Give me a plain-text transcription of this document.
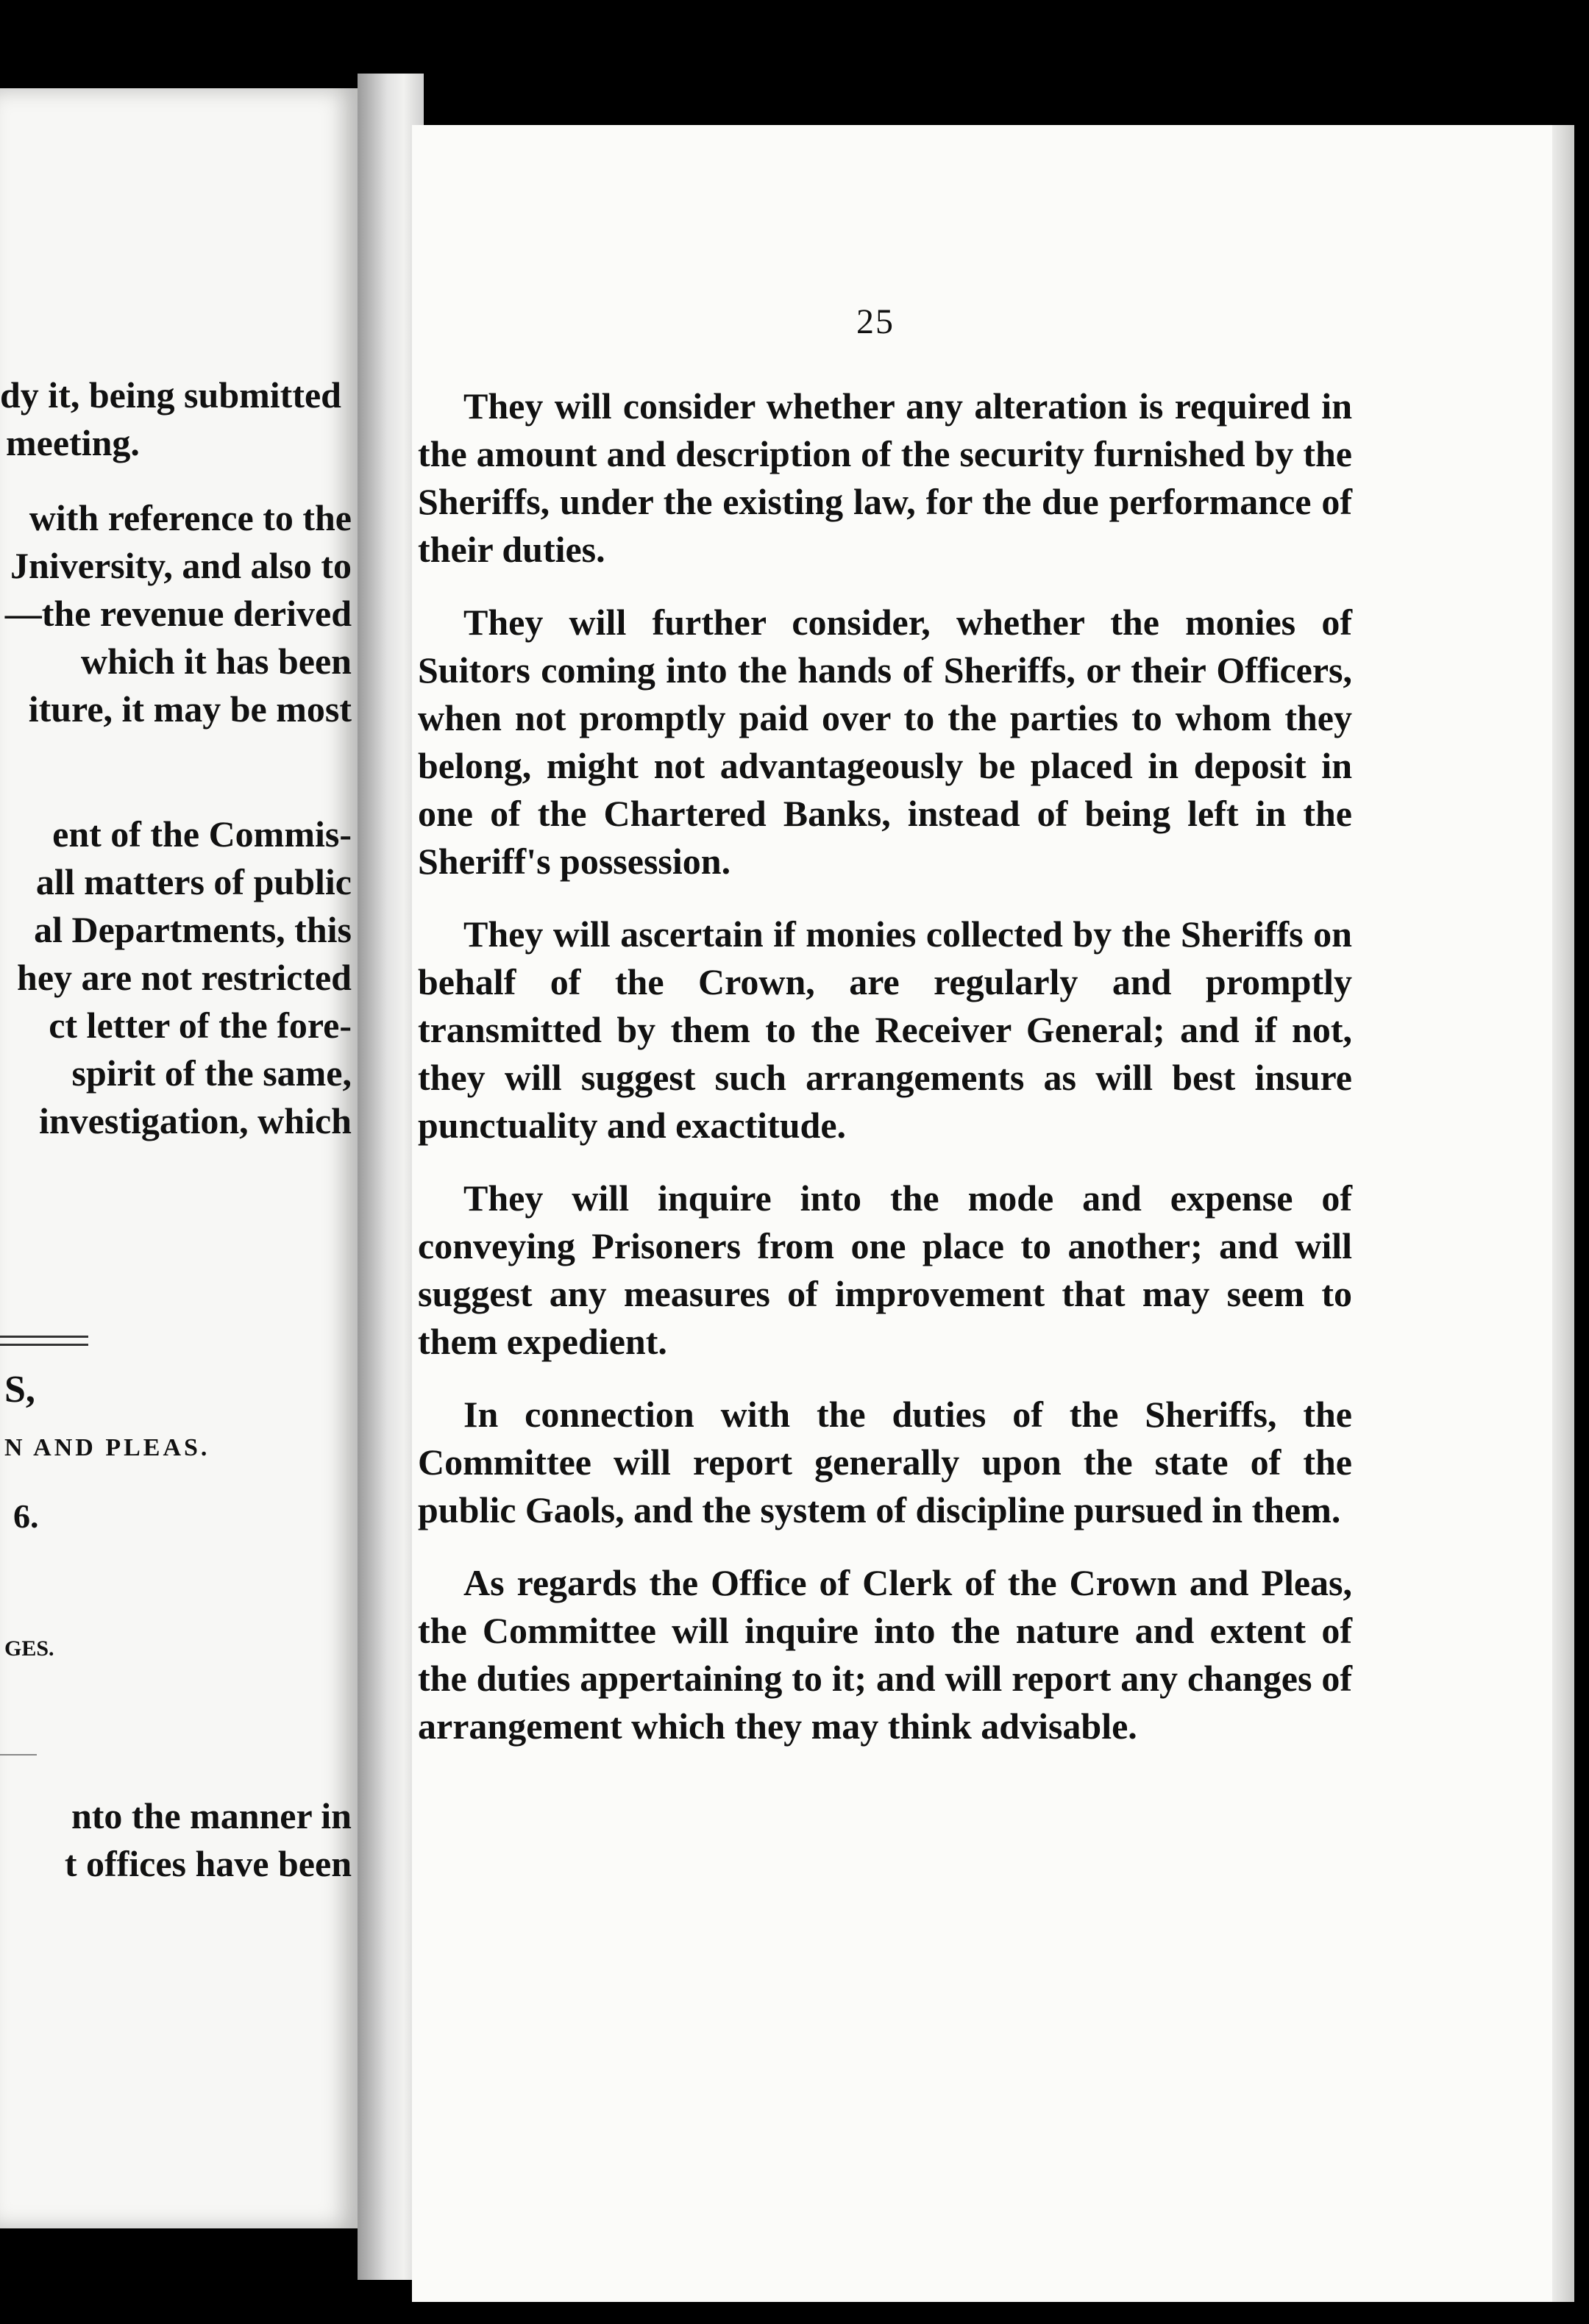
dy it, being submitted
meeting.
with reference to the
Jniversity, and also to
—the revenue derived
which it has been
iture, it may be most
ent of the Commis-
all matters of public
al Departments, this
hey are not restricted
ct letter of the fore-
spirit of the same,
investigation, which
S,
N AND PLEAS.
6.
GES.
nto the manner in
t offices have been
25

They will consider whether any alteration is required in the amount and description of the security furnished by the Sheriffs, under the existing law, for the due performance of their duties.

They will further consider, whether the monies of Suitors coming into the hands of Sheriffs, or their Officers, when not promptly paid over to the parties to whom they belong, might not advantageously be placed in deposit in one of the Chartered Banks, instead of being left in the Sheriff's possession.

They will ascertain if monies collected by the Sheriffs on behalf of the Crown, are regularly and promptly transmitted by them to the Receiver General; and if not, they will suggest such arrangements as will best insure punctuality and exactitude.

They will inquire into the mode and expense of conveying Prisoners from one place to another; and will suggest any measures of improvement that may seem to them expedient.

In connection with the duties of the Sheriffs, the Committee will report generally upon the state of the public Gaols, and the system of discipline pursued in them.

As regards the Office of Clerk of the Crown and Pleas, the Committee will inquire into the nature and extent of the duties appertaining to it; and will report any changes of arrangement which they may think advisable.
